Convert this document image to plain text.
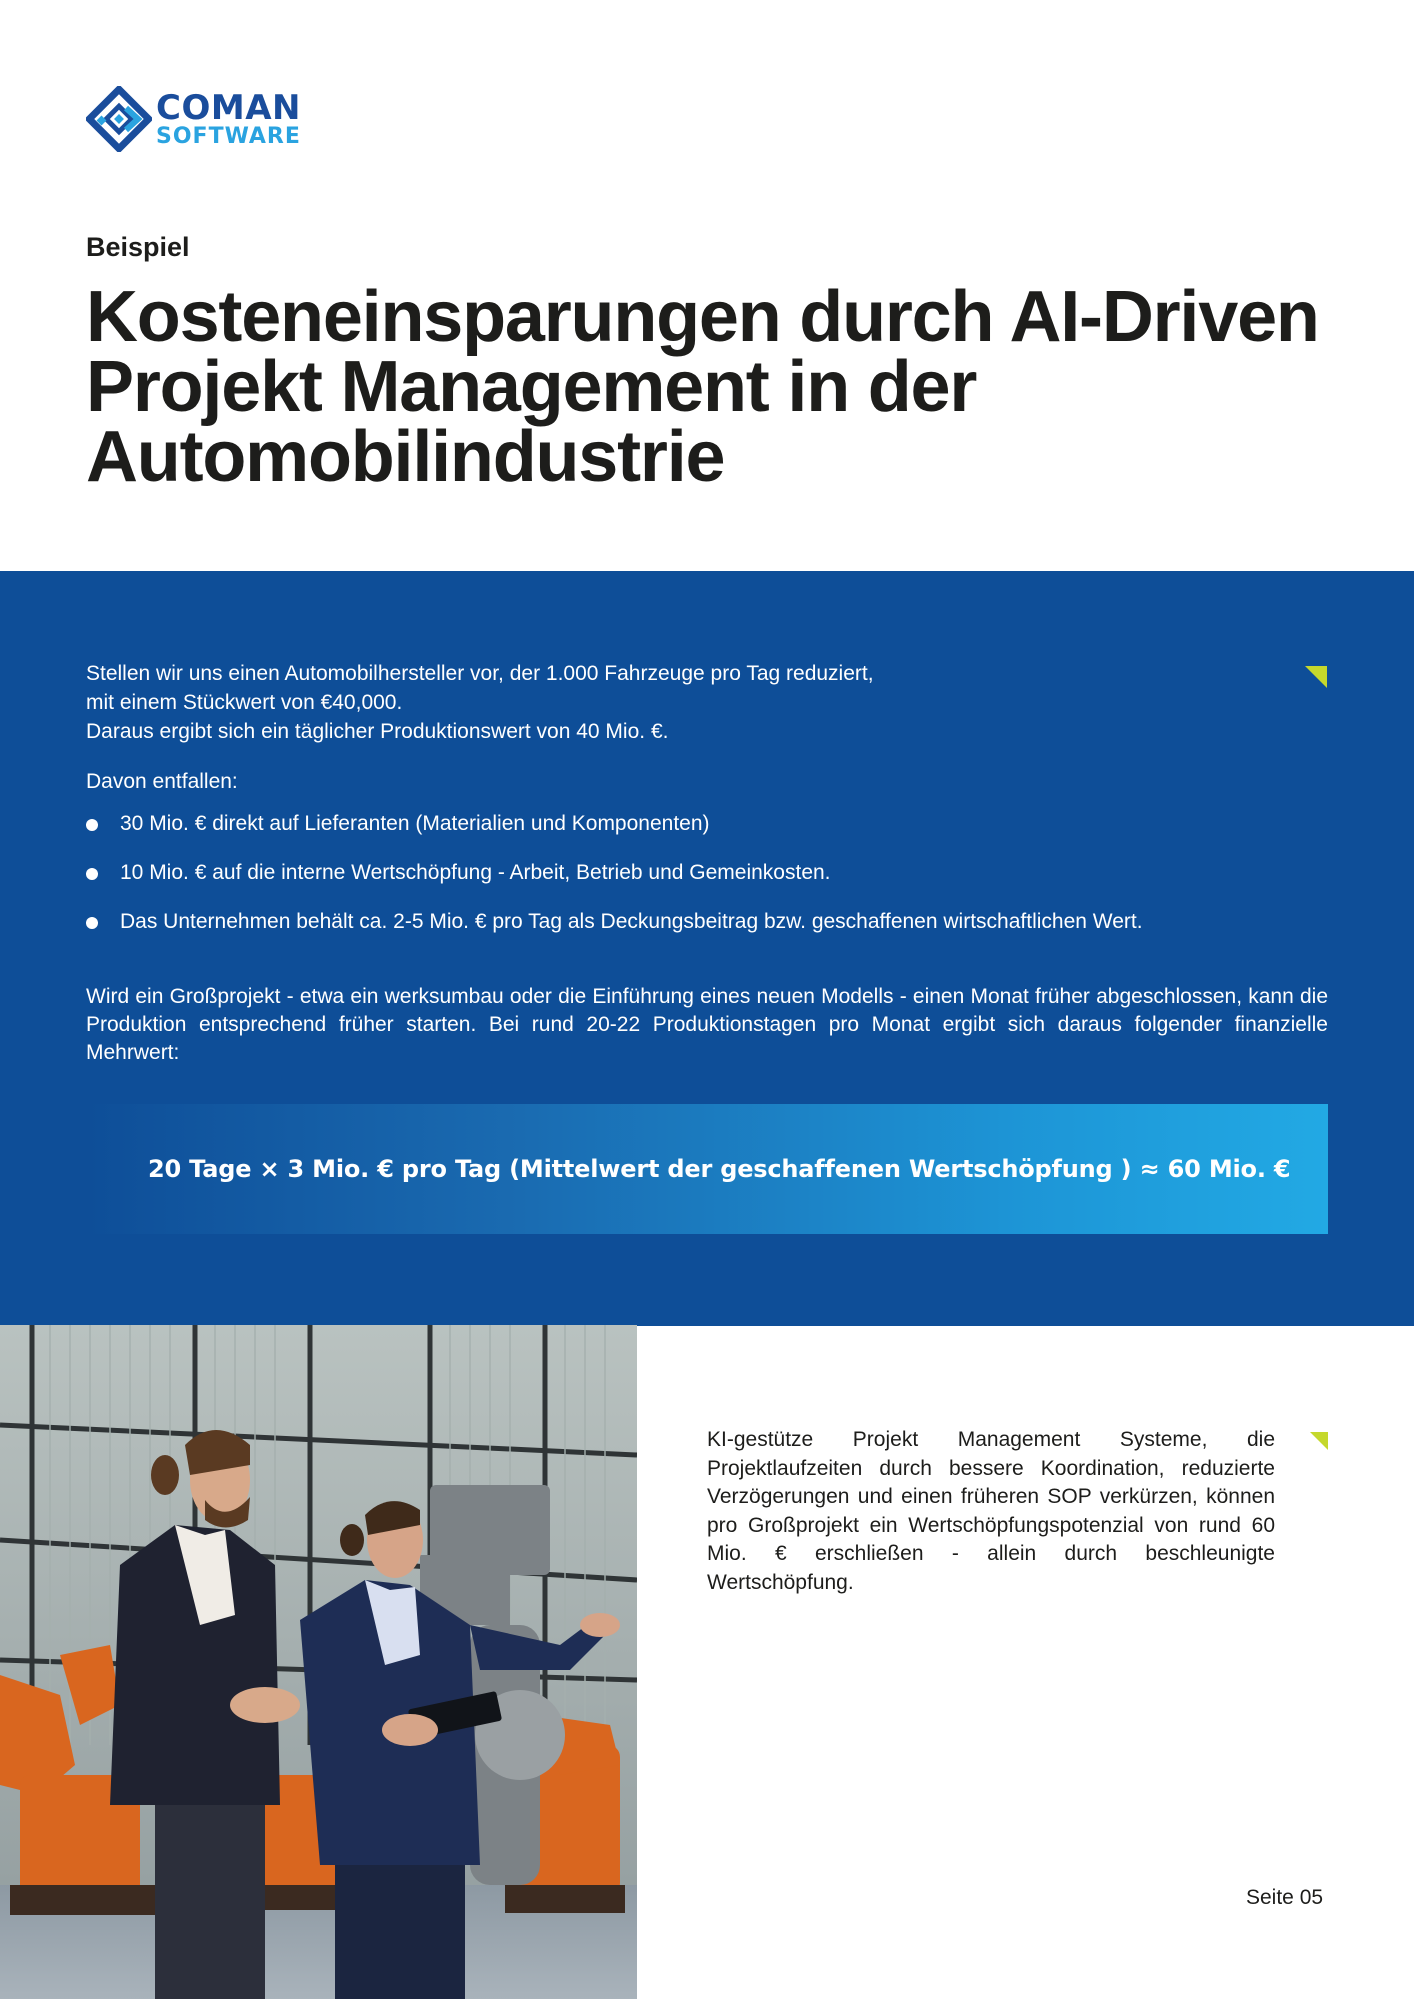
COMAN
SOFTWARE
Beispiel
Kosteneinsparungen durch AI-Driven Projekt Management in der Automobilindustrie
Stellen wir uns einen Automobilhersteller vor, der 1.000 Fahrzeuge pro Tag reduziert,
mit einem Stückwert von €40,000.
Daraus ergibt sich ein täglicher Produktionswert von 40 Mio. €.
Davon entfallen:
30 Mio. € direkt auf Lieferanten (Materialien und Komponenten)
10 Mio. € auf die interne Wertschöpfung - Arbeit, Betrieb und Gemeinkosten.
Das Unternehmen behält ca. 2-5 Mio. € pro Tag als Deckungsbeitrag bzw. geschaffenen wirtschaftlichen Wert.

Wird ein Großprojekt - etwa ein werksumbau oder die Einführung eines neuen Modells - einen Monat früher abgeschlossen, kann die Produktion entsprechend früher starten. Bei rund 20-22 Produktionstagen pro Monat ergibt sich daraus folgender finanzielle Mehrwert:

20 Tage × 3 Mio. € pro Tag (Mittelwert der geschaffenen Wertschöpfung ) ≈ 60 Mio. €

KI-gestütze Projekt Management Systeme, die Projektlaufzeiten durch bessere Koordination, reduzierte Verzögerungen und einen früheren SOP verkürzen, können pro Großprojekt ein Wertschöpfungspotenzial von rund 60 Mio. € erschließen - allein durch beschleunigte Wertschöpfung.

Seite 05
